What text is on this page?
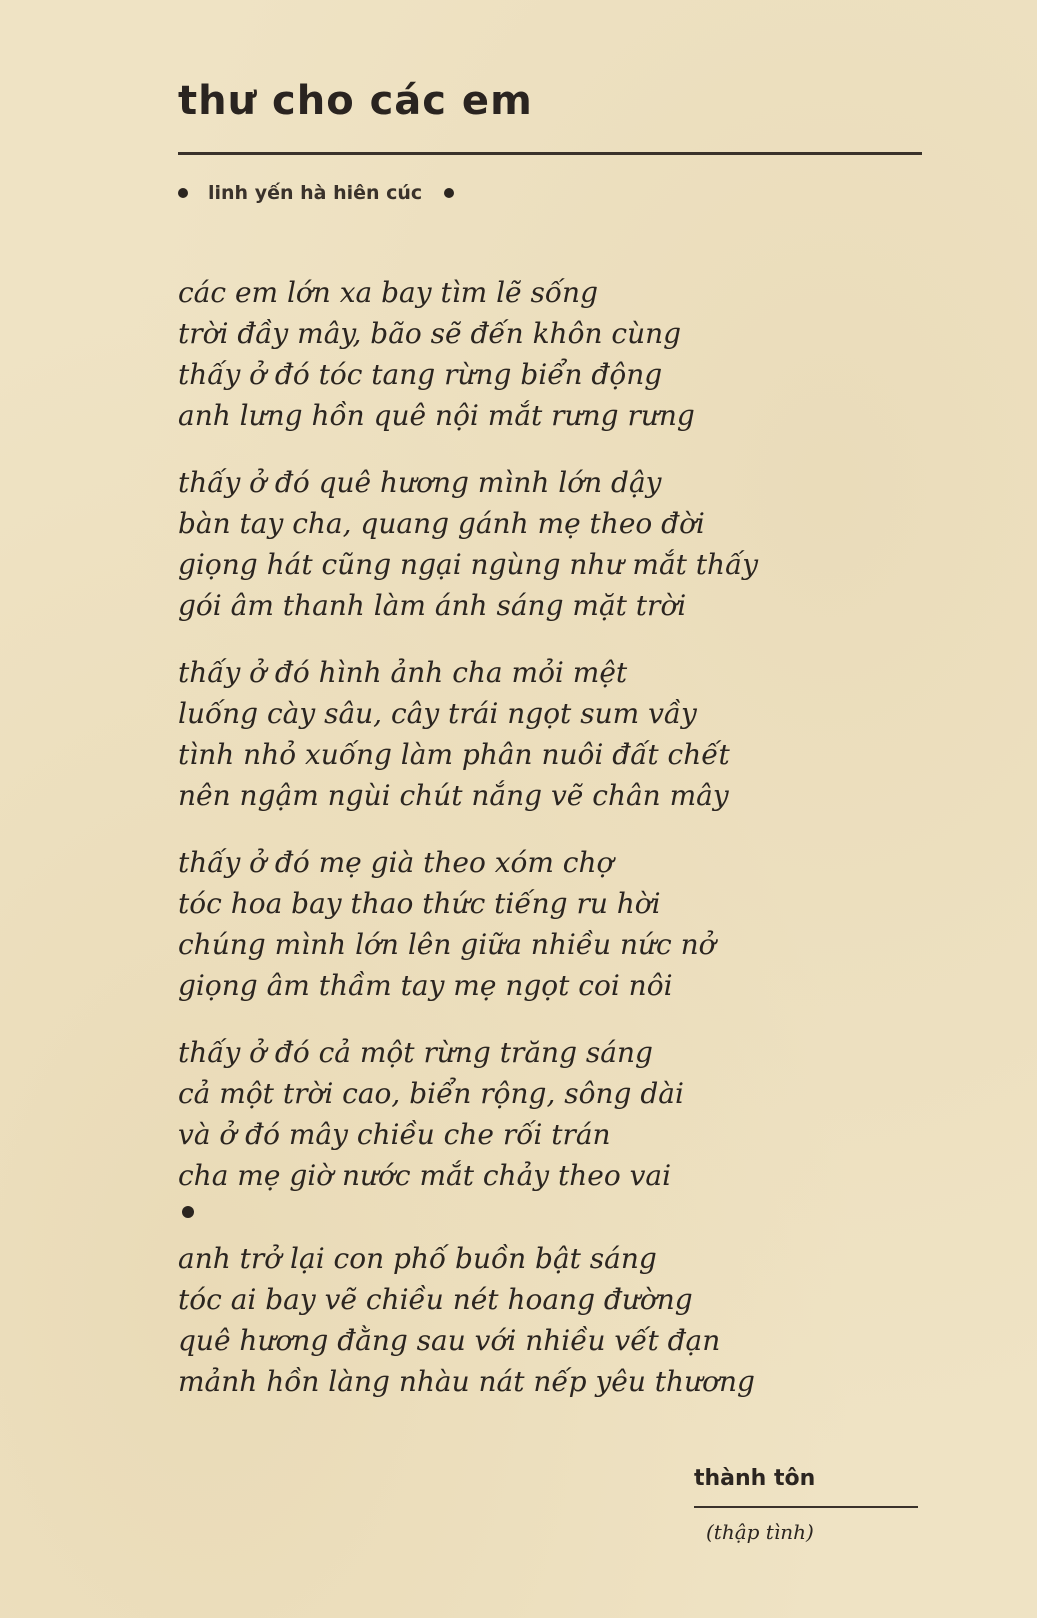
thư cho các em
linh yến hà hiên cúc
các em lớn xa bay tìm lẽ sống
trời đầy mây, bão sẽ đến khôn cùng
thấy ở đó tóc tang rừng biển động
anh lưng hồn quê nội mắt rưng rưng
thấy ở đó quê hương mình lớn dậy
bàn tay cha, quang gánh mẹ theo đời
giọng hát cũng ngại ngùng như mắt thấy
gói âm thanh làm ánh sáng mặt trời
thấy ở đó hình ảnh cha mỏi mệt
luống cày sâu, cây trái ngọt sum vầy
tình nhỏ xuống làm phân nuôi đất chết
nên ngậm ngùi chút nắng vẽ chân mây
thấy ở đó mẹ già theo xóm chợ
tóc hoa bay thao thức tiếng ru hời
chúng mình lớn lên giữa nhiều nức nở
giọng âm thầm tay mẹ ngọt coi nôi
thấy ở đó cả một rừng trăng sáng
cả một trời cao, biển rộng, sông dài
và ở đó mây chiều che rối trán
cha mẹ giờ nước mắt chảy theo vai
anh trở lại con phố buồn bật sáng
tóc ai bay vẽ chiều nét hoang đường
quê hương đằng sau với nhiều vết đạn
mảnh hồn làng nhàu nát nếp yêu thương
thành tôn
(thập tình)
